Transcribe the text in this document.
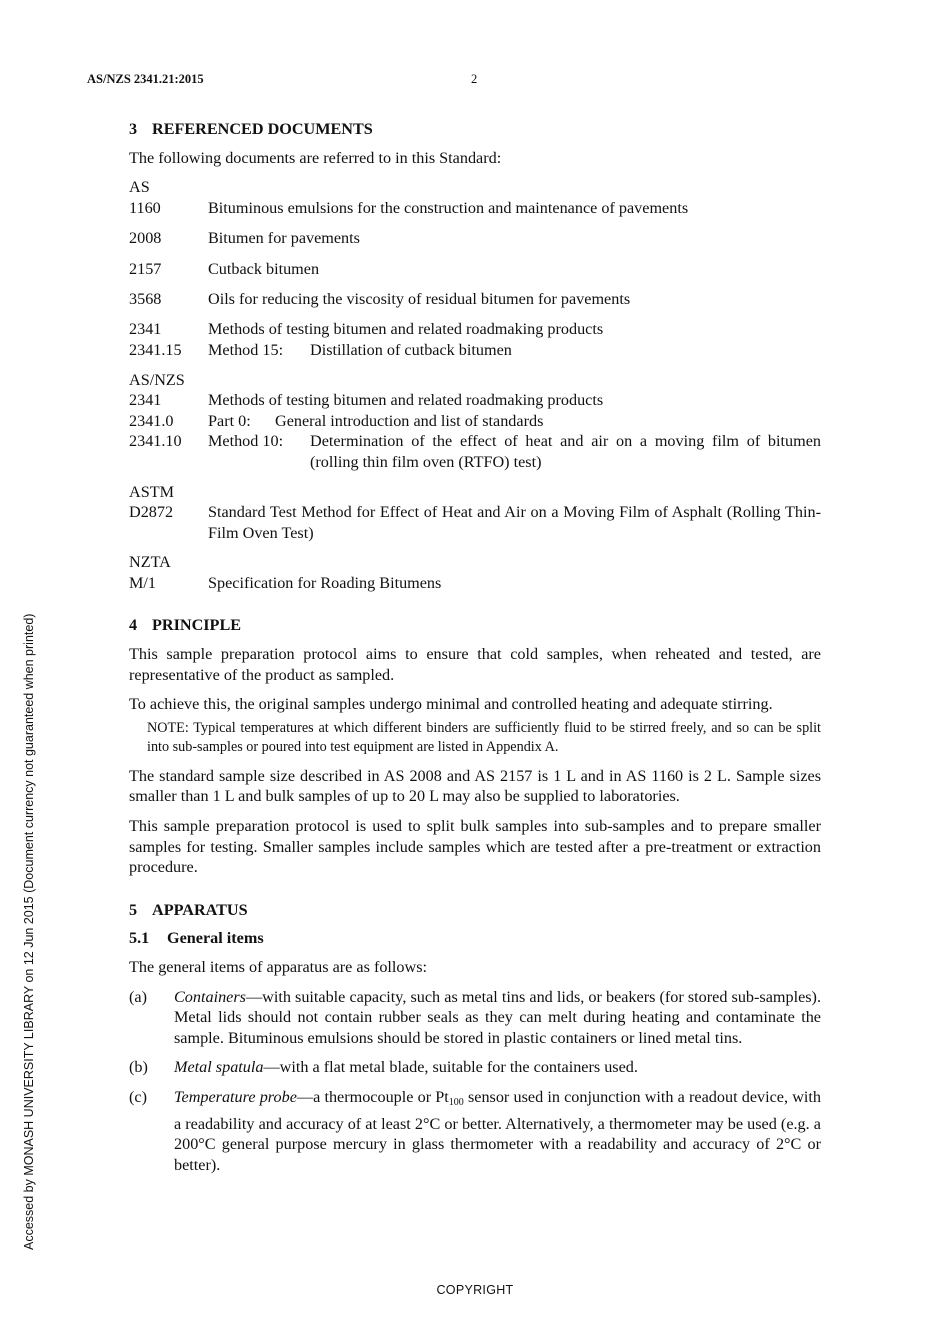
AS/NZS 2341.21:2015	2
Accessed by MONASH UNIVERSITY LIBRARY on 12 Jun 2015 (Document currency not guaranteed when printed)
3 REFERENCED DOCUMENTS

The following documents are referred to in this Standard:

AS
1160	Bituminous emulsions for the construction and maintenance of pavements
2008	Bitumen for pavements
2157	Cutback bitumen
3568	Oils for reducing the viscosity of residual bitumen for pavements
2341	Methods of testing bitumen and related roadmaking products
2341.15	Method 15:	Distillation of cutback bitumen
AS/NZS
2341	Methods of testing bitumen and related roadmaking products
2341.0	Part 0:	General introduction and list of standards
2341.10	Method 10:	Determination of the effect of heat and air on a moving film of bitumen (rolling thin film oven (RTFO) test)
ASTM
D2872	Standard Test Method for Effect of Heat and Air on a Moving Film of Asphalt (Rolling Thin-Film Oven Test)
NZTA
M/1	Specification for Roading Bitumens
4 PRINCIPLE

This sample preparation protocol aims to ensure that cold samples, when reheated and tested, are representative of the product as sampled.

To achieve this, the original samples undergo minimal and controlled heating and adequate stirring.

NOTE: Typical temperatures at which different binders are sufficiently fluid to be stirred freely, and so can be split into sub-samples or poured into test equipment are listed in Appendix A.

The standard sample size described in AS 2008 and AS 2157 is 1 L and in AS 1160 is 2 L. Sample sizes smaller than 1 L and bulk samples of up to 20 L may also be supplied to laboratories.

This sample preparation protocol is used to split bulk samples into sub-samples and to prepare smaller samples for testing. Smaller samples include samples which are tested after a pre-treatment or extraction procedure.

5 APPARATUS
5.1 General items

The general items of apparatus are as follows:

(a)	Containers—with suitable capacity, such as metal tins and lids, or beakers (for stored sub-samples). Metal lids should not contain rubber seals as they can melt during heating and contaminate the sample. Bituminous emulsions should be stored in plastic containers or lined metal tins.
(b)	Metal spatula—with a flat metal blade, suitable for the containers used.
(c)	Temperature probe—a thermocouple or $Pt_{100}$ sensor used in conjunction with a readout device, with a readability and accuracy of at least 2°C or better. Alternatively, a thermometer may be used (e.g. a 200°C general purpose mercury in glass thermometer with a readability and accuracy of 2°C or better).
COPYRIGHT
